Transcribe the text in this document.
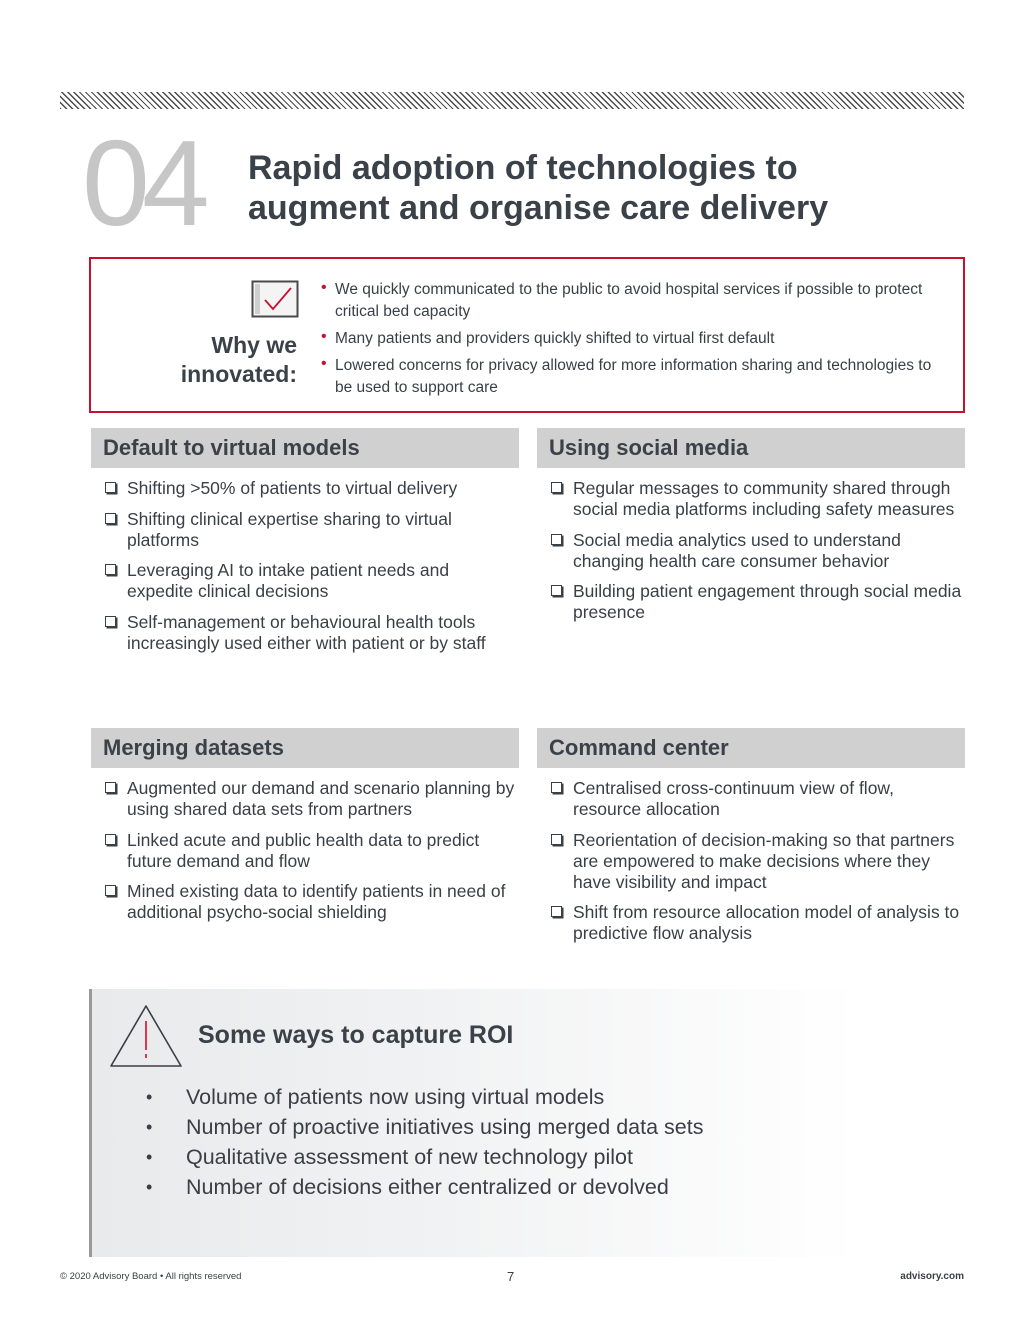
04 Rapid adoption of technologies to augment and organise care delivery
Why we
innovated:
• We quickly communicated to the public to avoid hospital services if possible to protect critical bed capacity
• Many patients and providers quickly shifted to virtual first default
• Lowered concerns for privacy allowed for more information sharing and technologies to be used to support care
Default to virtual models
Shifting >50% of patients to virtual delivery
Shifting clinical expertise sharing to virtual platforms
Leveraging AI to intake patient needs and expedite clinical decisions
Self-management or behavioural health tools increasingly used either with patient or by staff
Using social media
Regular messages to community shared through social media platforms including safety measures
Social media analytics used to understand changing health care consumer behavior
Building patient engagement through social media presence
Merging datasets
Augmented our demand and scenario planning by using shared data sets from partners
Linked acute and public health data to predict future demand and flow
Mined existing data to identify patients in need of additional psycho-social shielding
Command center
Centralised cross-continuum view of flow, resource allocation
Reorientation of decision-making so that partners are empowered to make decisions where they have visibility and impact
Shift from resource allocation model of analysis to predictive flow analysis
Some ways to capture ROI
• Volume of patients now using virtual models
• Number of proactive initiatives using merged data sets
• Qualitative assessment of new technology pilot
• Number of decisions either centralized or devolved
© 2020 Advisory Board • All rights reserved	7	advisory.com
